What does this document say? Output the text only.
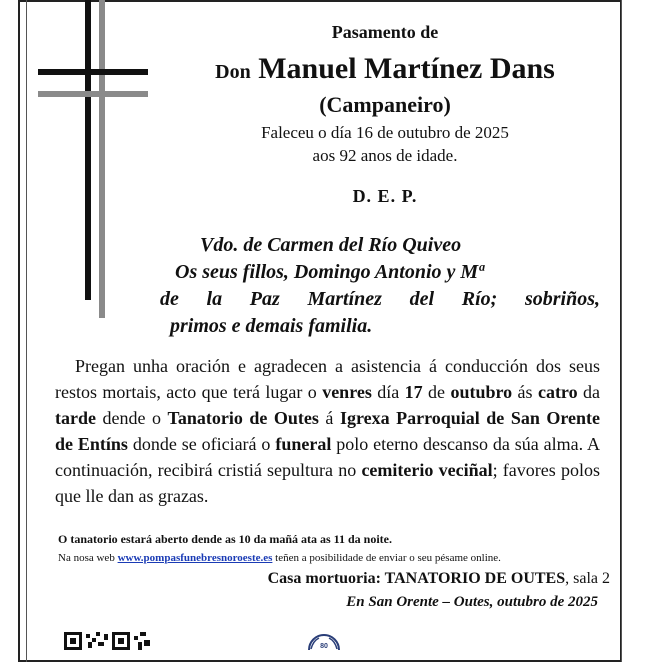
Pasamento de
Don Manuel Martínez Dans
(Campaneiro)
Faleceu o día 16 de outubro de 2025
aos 92 anos de idade.
D. E. P.
Vdo. de Carmen del Río Quiveo
Os seus fillos, Domingo Antonio y Mª
de la Paz Martínez del Río; sobriños,
primos e demais familia.
Pregan unha oración e agradecen a asistencia á conducción dos seus restos mortais, acto que terá lugar o venres día 17 de outubro ás catro da tarde dende o Tanatorio de Outes á Igrexa Parroquial de San Orente de Entíns donde se oficiará o funeral polo eterno descanso da súa alma. A continuación, recibirá cristiá sepultura no cemiterio veciñal; favores polos que lle dan as grazas.
O tanatorio estará aberto dende as 10 da mañá ata as 11 da noite.
Na nosa web www.pompasfunebresnoroeste.es teñen a posibilidade de enviar o seu pésame online.
Casa mortuoria: TANATORIO DE OUTES, sala 2
En San Orente – Outes, outubro de 2025
80
